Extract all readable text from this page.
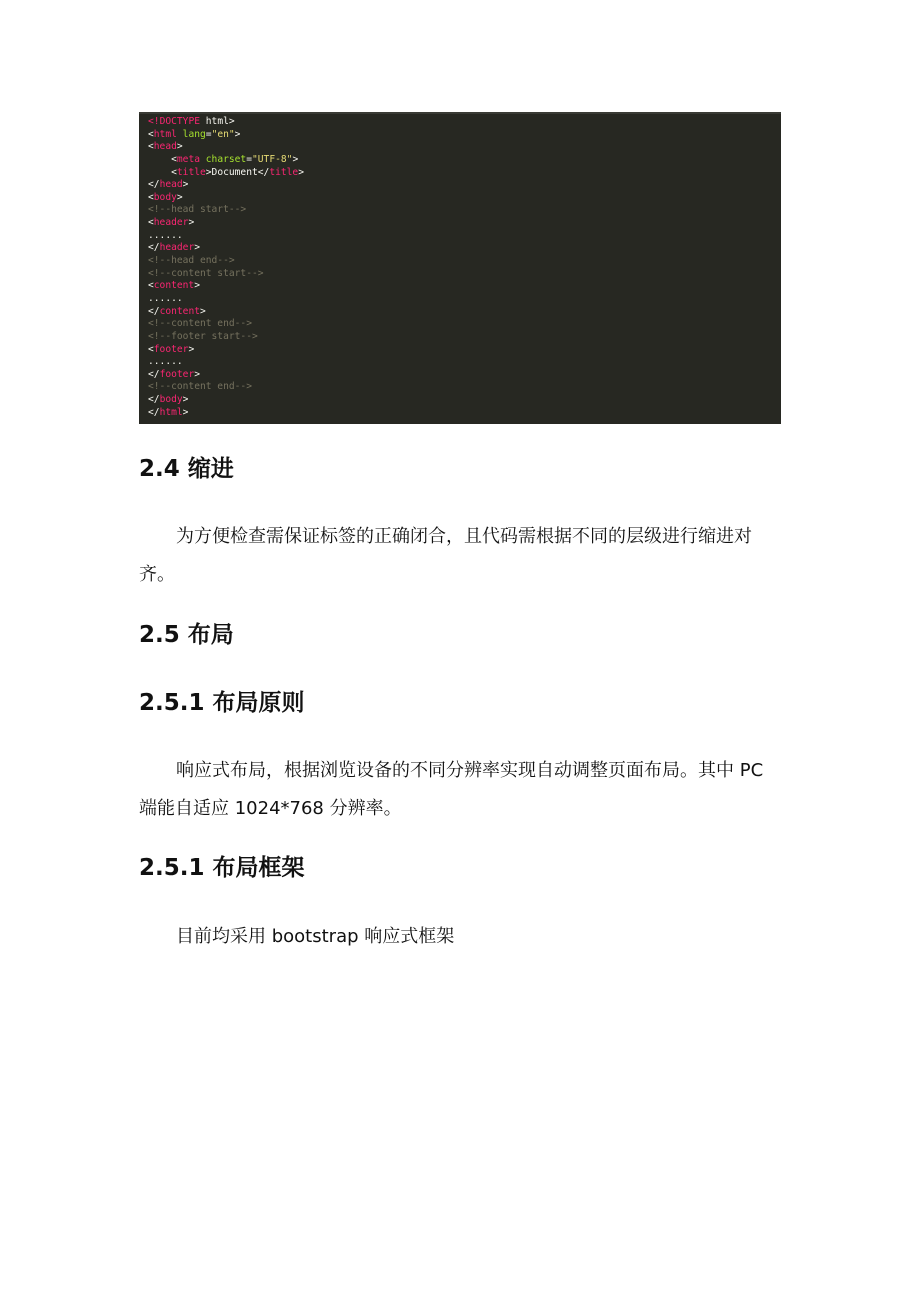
<!DOCTYPE html>
<html lang="en">
<head>
<meta charset="UTF-8">
<title>Document</title>
</head>
<body>
<!--head start-->
<header>
......
</header>
<!--head end-->
<!--content start-->
<content>
......
</content>
<!--content end-->
<!--footer start-->
<footer>
......
</footer>
<!--content end-->
</body>
</html>
2.4 缩进

为方便检查需保证标签的正确闭合，且代码需根据不同的层级进行缩进对齐。

2.5 布局
2.5.1 布局原则

响应式布局，根据浏览设备的不同分辨率实现自动调整页面布局。其中 PC 端能自适应 1024*768 分辨率。

2.5.1 布局框架

目前均采用 bootstrap 响应式框架
